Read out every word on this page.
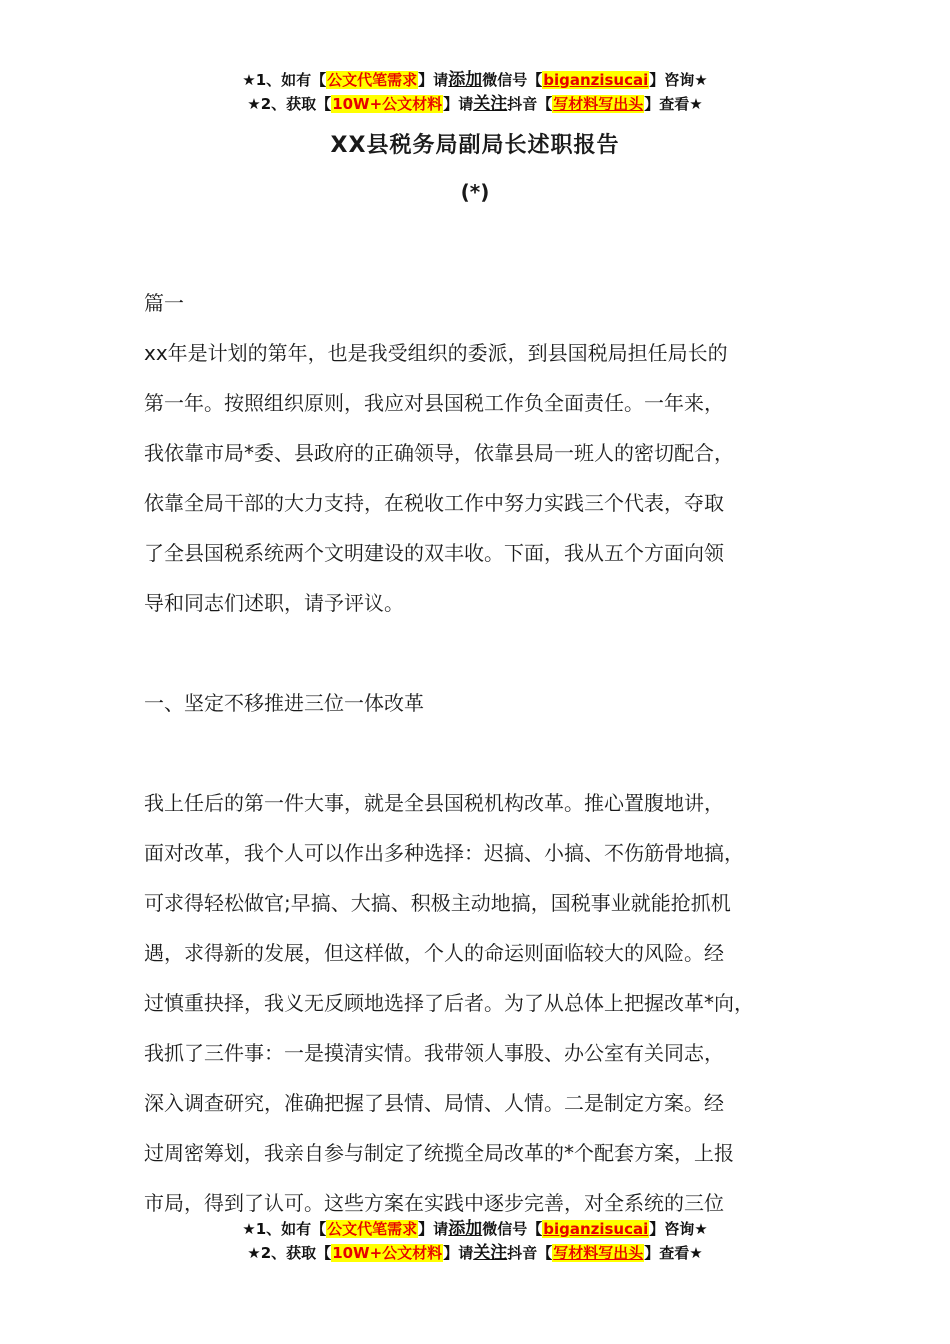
★1、如有【公文代笔需求】请添加微信号【biganzisucai】咨询★
★2、获取【10W+公文材料】请关注抖音【写材料写出头】查看★
XX县税务局副局长述职报告
(*)

篇一

xx年是计划的第年，也是我受组织的委派，到县国税局担任局长的

第一年。按照组织原则，我应对县国税工作负全面责任。一年来，

我依靠市局*委、县政府的正确领导，依靠县局一班人的密切配合，

依靠全局干部的大力支持，在税收工作中努力实践三个代表，夺取

了全县国税系统两个文明建设的双丰收。下面，我从五个方面向领

导和同志们述职，请予评议。

一、坚定不移推进三位一体改革

我上任后的第一件大事，就是全县国税机构改革。推心置腹地讲，

面对改革，我个人可以作出多种选择：迟搞、小搞、不伤筋骨地搞，

可求得轻松做官;早搞、大搞、积极主动地搞，国税事业就能抢抓机

遇，求得新的发展，但这样做，个人的命运则面临较大的风险。经

过慎重抉择，我义无反顾地选择了后者。为了从总体上把握改革*向，

我抓了三件事：一是摸清实情。我带领人事股、办公室有关同志，

深入调查研究，准确把握了县情、局情、人情。二是制定方案。经

过周密筹划，我亲自参与制定了统揽全局改革的*个配套方案，上报

市局，得到了认可。这些方案在实践中逐步完善，对全系统的三位

★1、如有【公文代笔需求】请添加微信号【biganzisucai】咨询★
★2、获取【10W+公文材料】请关注抖音【写材料写出头】查看★
